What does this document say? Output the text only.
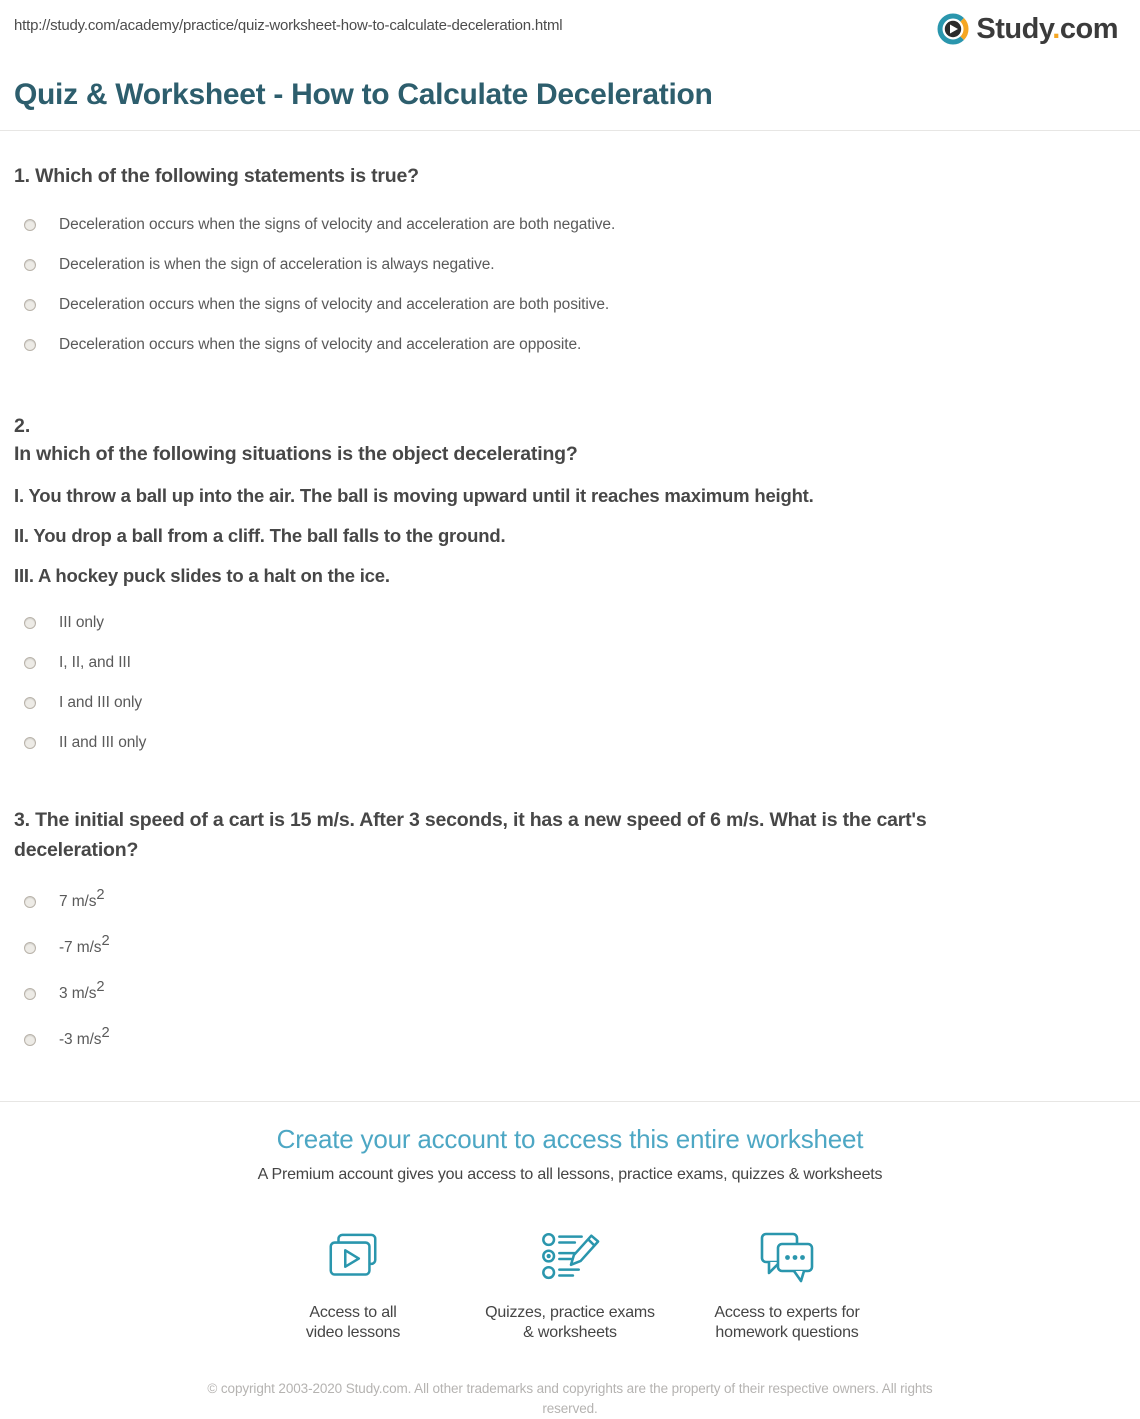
http://study.com/academy/practice/quiz-worksheet-how-to-calculate-deceleration.html	Study.com
Quiz & Worksheet - How to Calculate Deceleration
1. Which of the following statements is true?
Deceleration occurs when the signs of velocity and acceleration are both negative.
Deceleration is when the sign of acceleration is always negative.
Deceleration occurs when the signs of velocity and acceleration are both positive.
Deceleration occurs when the signs of velocity and acceleration are opposite.
2.
In which of the following situations is the object decelerating?
I. You throw a ball up into the air. The ball is moving upward until it reaches maximum height.
II. You drop a ball from a cliff. The ball falls to the ground.
III. A hockey puck slides to a halt on the ice.
III only
I, II, and III
I and III only
II and III only
3. The initial speed of a cart is 15 m/s. After 3 seconds, it has a new speed of 6 m/s. What is the cart's deceleration?
7 $m/s^2$
-7 $m/s^2$
3 $m/s^2$
-3 $m/s^2$
Create your account to access this entire worksheet
A Premium account gives you access to all lessons, practice exams, quizzes & worksheets
Access to all
video lessons
Quizzes, practice exams
& worksheets
Access to experts for
homework questions
© copyright 2003-2020 Study.com. All other trademarks and copyrights are the property of their respective owners. All rights reserved.
